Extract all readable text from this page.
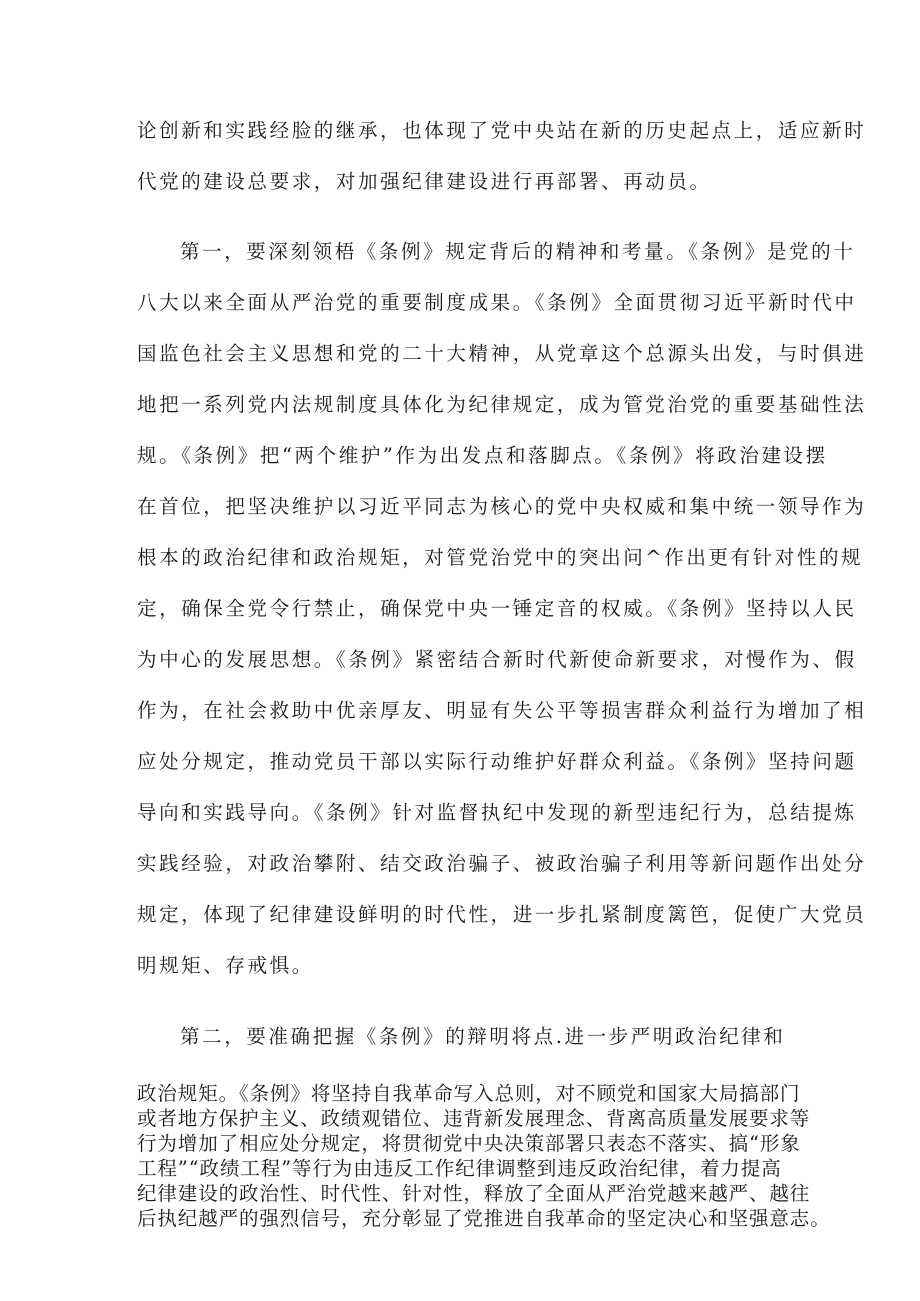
论创新和实践经脸的继承，也体现了党中央站在新的历史起点上，适应新时

代党的建设总要求，对加强纪律建设进行再部署、再动员。

第一，要深刻领梧《条例》规定背后的精神和考量。《条例》是党的十

八大以来全面从严治党的重要制度成果。《条例》全面贯彻习近平新时代中

国监色社会主义思想和党的二十大精神，从党章这个总源头出发，与时俱进

地把一系列党内法规制度具体化为纪律规定，成为管党治党的重要基础性法

规。《条例》把“两个维护”作为出发点和落脚点。《条例》将政治建设摆

在首位，把坚决维护以习近平同志为核心的党中央权威和集中统一领导作为

根本的政治纪律和政治规矩，对管党治党中的突出问^作出更有针对性的规

定，确保全党令行禁止，确保党中央一锤定音的权威。《条例》坚持以人民

为中心的发展思想。《条例》紧密结合新时代新使命新要求，对慢作为、假

作为，在社会救助中优亲厚友、明显有失公平等损害群众利益行为增加了相

应处分规定，推动党员干部以实际行动维护好群众利益。《条例》坚持问题

导向和实践导向。《条例》针对监督执纪中发现的新型违纪行为，总结提炼

实践经验，对政治攀附、结交政治骗子、被政治骗子利用等新问题作出处分

规定，体现了纪律建设鲜明的时代性，进一步扎紧制度篱笆，促使广大党员

明规矩、存戒惧。

第二，要准确把握《条例》的辩明将点.进一步严明政治纪律和

政治规矩。《条例》将坚持自我革命写入总则，对不顾党和国家大局搞部门

或者地方保护主义、政绩观错位、违背新发展理念、背离高质量发展要求等

行为增加了相应处分规定，将贯彻党中央决策部署只表态不落实、搞“形象

工程”“政绩工程”等行为由违反工作纪律调整到违反政治纪律，着力提高

纪律建设的政治性、时代性、针对性，释放了全面从严治党越来越严、越往

后执纪越严的强烈信号，充分彰显了党推进自我革命的坚定决心和坚强意志。
